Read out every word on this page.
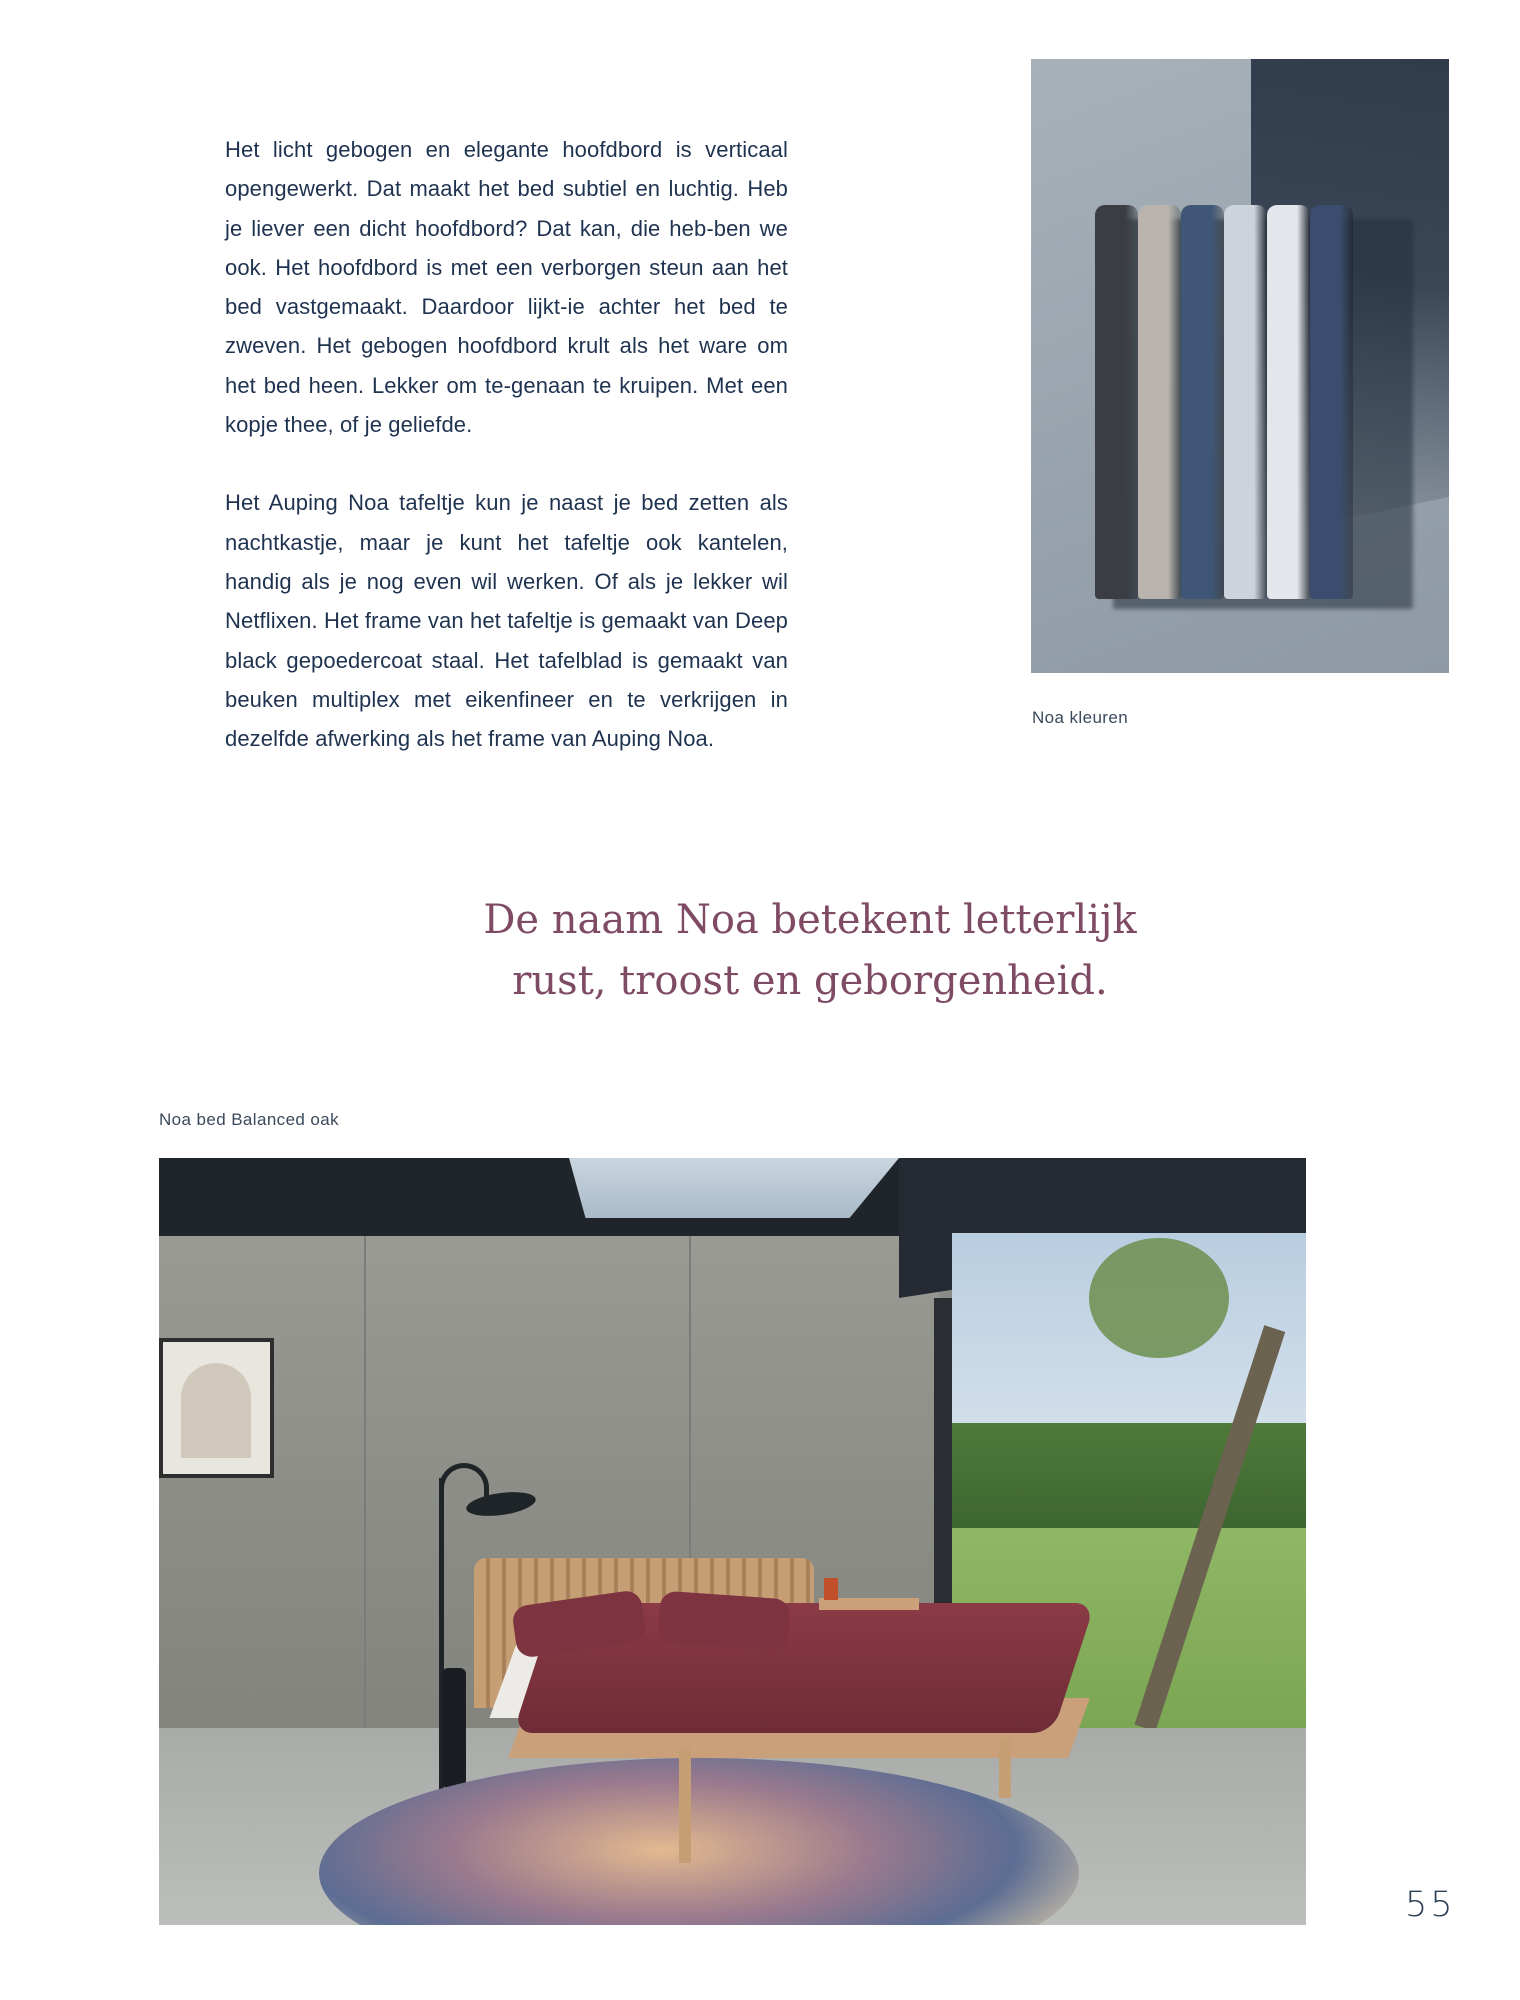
Het licht gebogen en elegante hoofdbord is verticaal opengewerkt. Dat maakt het bed subtiel en luchtig. Heb je liever een dicht hoofdbord? Dat kan, die heb-ben we ook. Het hoofdbord is met een verborgen steun aan het bed vastgemaakt. Daardoor lijkt-ie achter het bed te zweven. Het gebogen hoofdbord krult als het ware om het bed heen. Lekker om te-genaan te kruipen. Met een kopje thee, of je geliefde.

Het Auping Noa tafeltje kun je naast je bed zetten als nachtkastje, maar je kunt het tafeltje ook kantelen, handig als je nog even wil werken. Of als je lekker wil Netflixen. Het frame van het tafeltje is gemaakt van Deep black gepoedercoat staal. Het tafelblad is gemaakt van beuken multiplex met eikenfineer en te verkrijgen in dezelfde afwerking als het frame van Auping Noa.

Noa kleuren
De naam Noa betekent letterlijk
rust, troost en geborgenheid.
Noa bed Balanced oak
55
